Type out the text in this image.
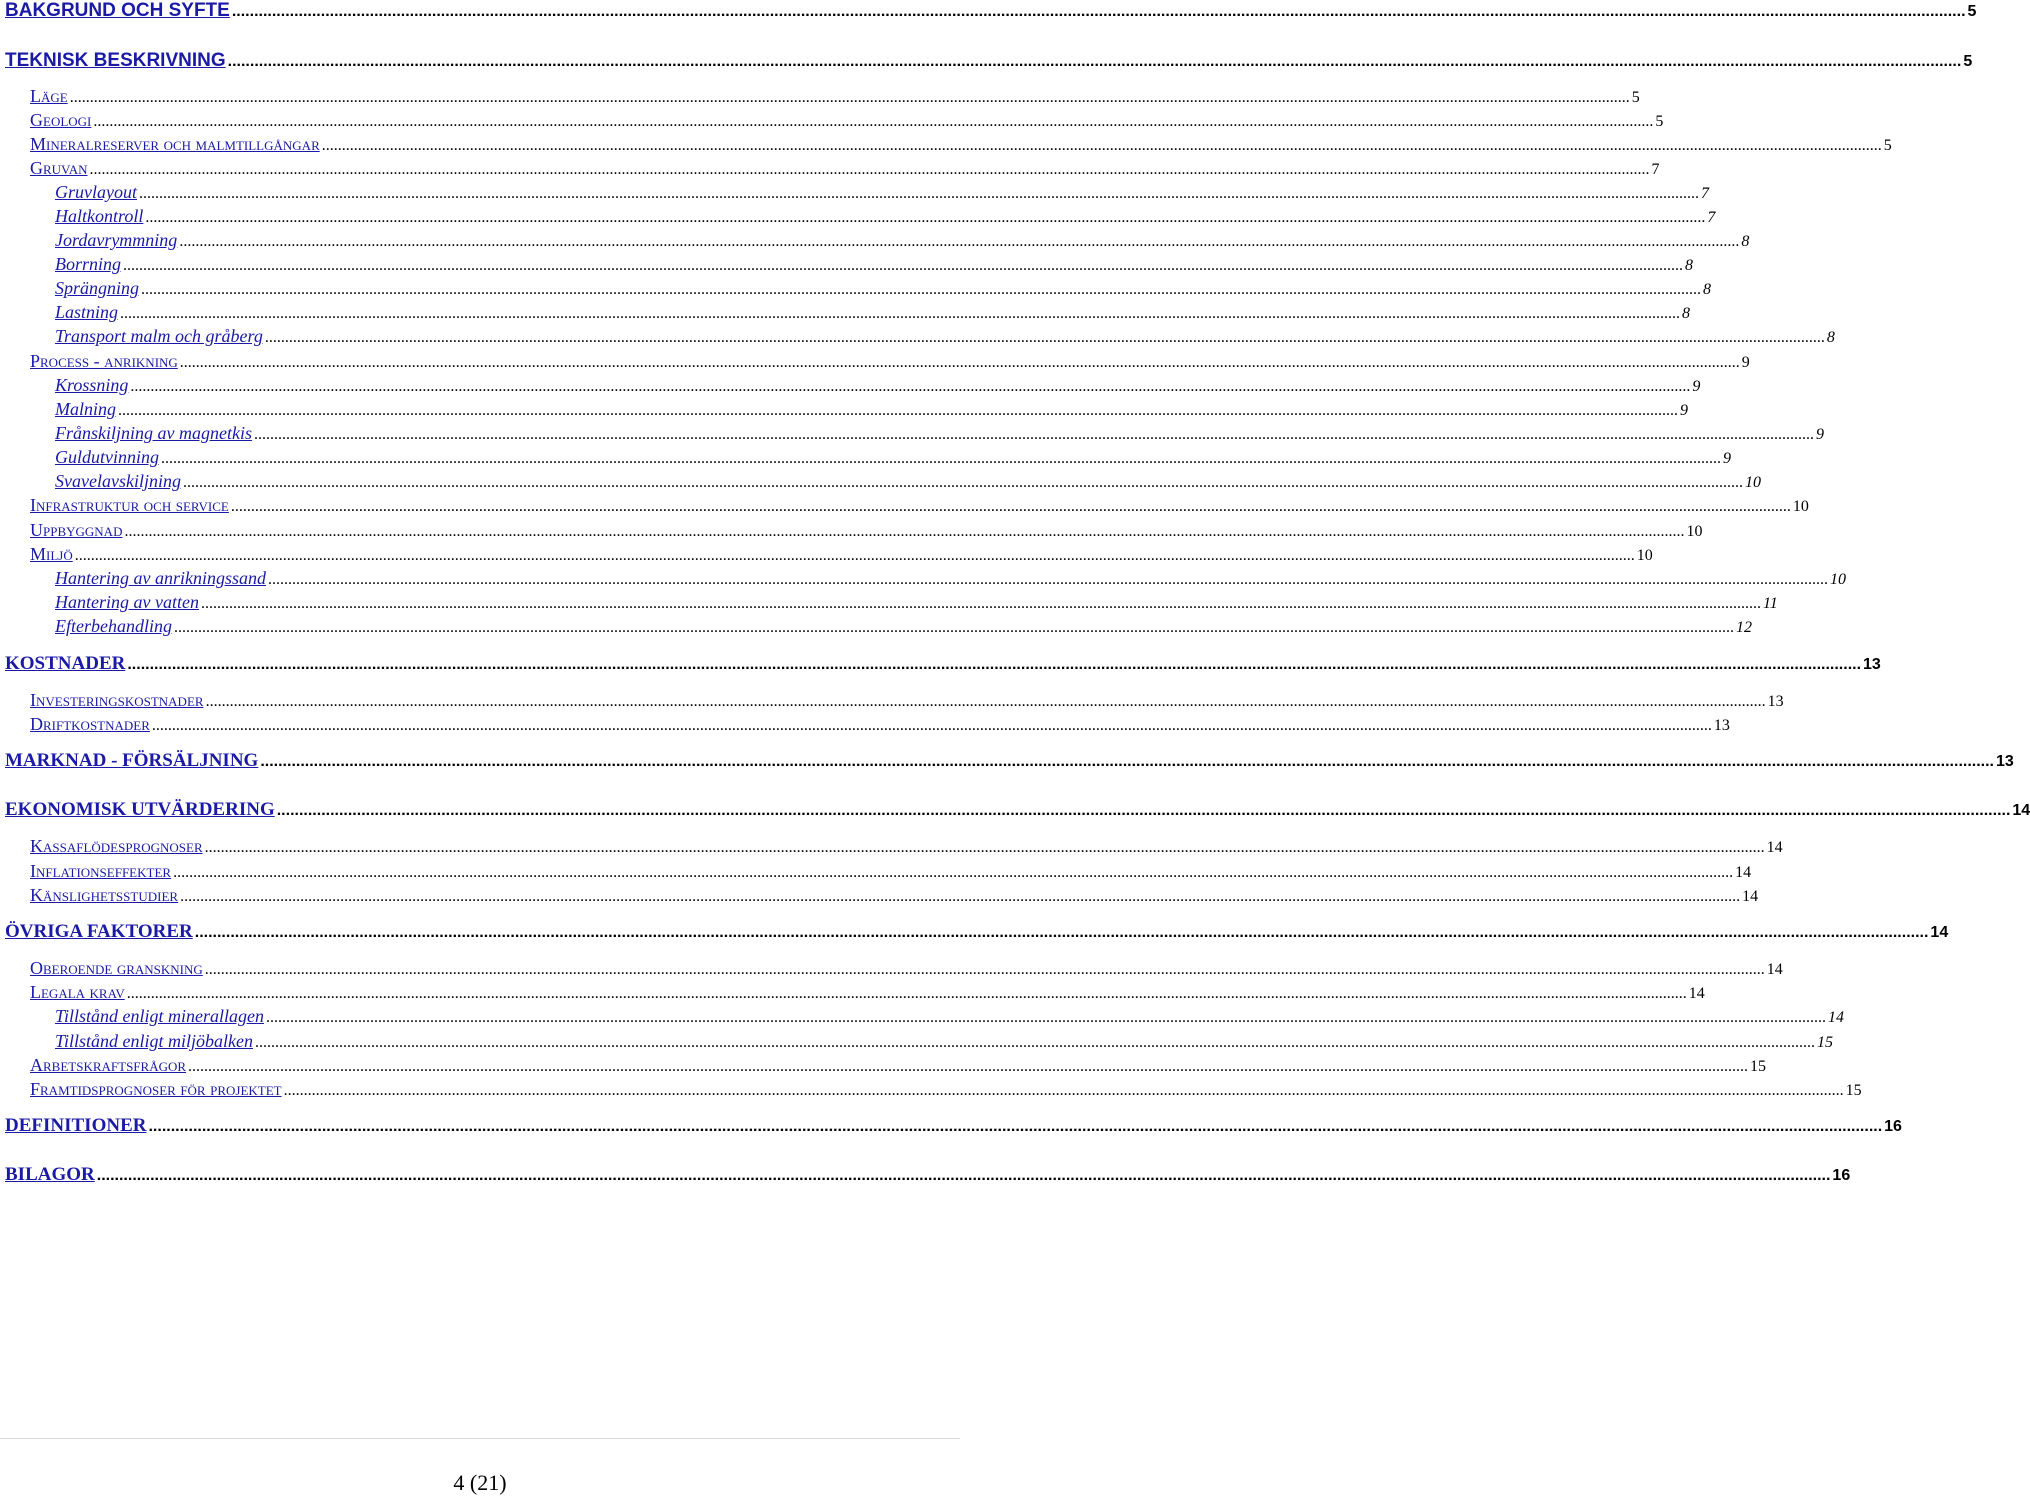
BAKGRUND OCH SYFTE .....	5
TEKNISK BESKRIVNING .....	5
Läge .....	5
Geologi .....	5
Mineralreserver och malmtillgångar .....	5
Gruvan .....	7
Gruvlayout .....	7
Haltkontroll .....	7
Jordavrymmning .....	8
Borrning .....	8
Sprängning .....	8
Lastning .....	8
Transport malm och gråberg .....	8
Process - anrikning .....	9
Krossning .....	9
Malning .....	9
Frånskiljning av magnetkis .....	9
Guldutvinning .....	9
Svavelavskiljning .....	10
Infrastruktur och service .....	10
Uppbyggnad .....	10
Miljö .....	10
Hantering av anrikningssand .....	10
Hantering av vatten .....	11
Efterbehandling .....	12
KOSTNADER .....	13
Investeringskostnader .....	13
Driftkostnader .....	13
MARKNAD - FÖRSÄLJNING .....	13
EKONOMISK UTVÄRDERING .....	14
Kassaflödesprognoser .....	14
Inflationseffekter .....	14
Känslighetsstudier .....	14
ÖVRIGA FAKTORER .....	14
Oberoende granskning .....	14
Legala krav .....	14
Tillstånd enligt minerallagen .....	14
Tillstånd enligt miljöbalken .....	15
Arbetskraftsfrågor .....	15
Framtidsprognoser för projektet .....	15
DEFINITIONER .....	16
BILAGOR .....	16
4 (21)
